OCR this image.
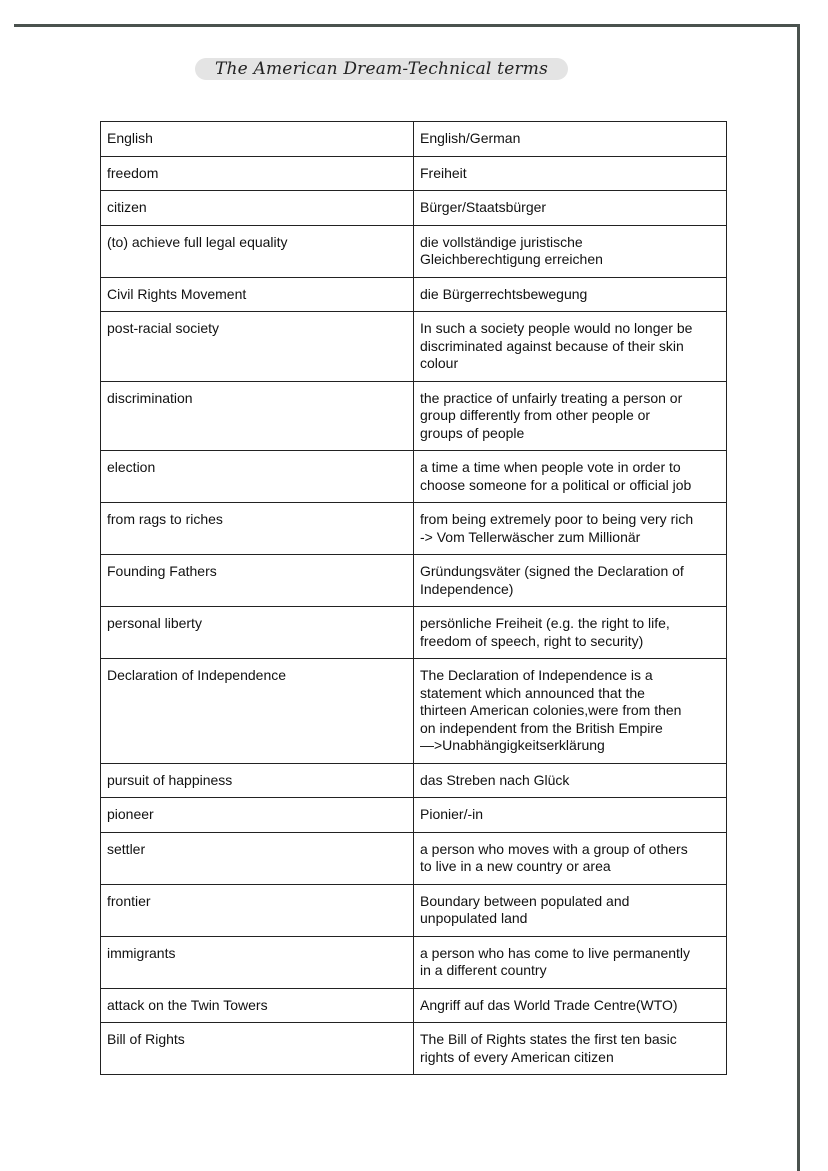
The American Dream-Technical terms
English	English/German
freedom	Freiheit
citizen	Bürger/Staatsbürger
(to) achieve full legal equality	die vollständige juristische
Gleichberechtigung erreichen
Civil Rights Movement	die Bürgerrechtsbewegung
post-racial society	In such a society people would no longer be
discriminated against because of their skin
colour
discrimination	the practice of unfairly treating a person or
group differently from other people or
groups of people
election	a time a time when people vote in order to
choose someone for a political or official job
from rags to riches	from being extremely poor to being very rich
-> Vom Tellerwäscher zum Millionär
Founding Fathers	Gründungsväter (signed the Declaration of
Independence)
personal liberty	persönliche Freiheit (e.g. the right to life,
freedom of speech, right to security)
Declaration of Independence	The Declaration of Independence is a
statement which announced that the
thirteen American colonies,were from then
on independent from the British Empire
—>Unabhängigkeitserklärung
pursuit of happiness	das Streben nach Glück
pioneer	Pionier/-in
settler	a person who moves with a group of others
to live in a new country or area
frontier	Boundary between populated and
unpopulated land
immigrants	a person who has come to live permanently
in a different country
attack on the Twin Towers	Angriff auf das World Trade Centre(WTO)
Bill of Rights	The Bill of Rights states the first ten basic
rights of every American citizen
